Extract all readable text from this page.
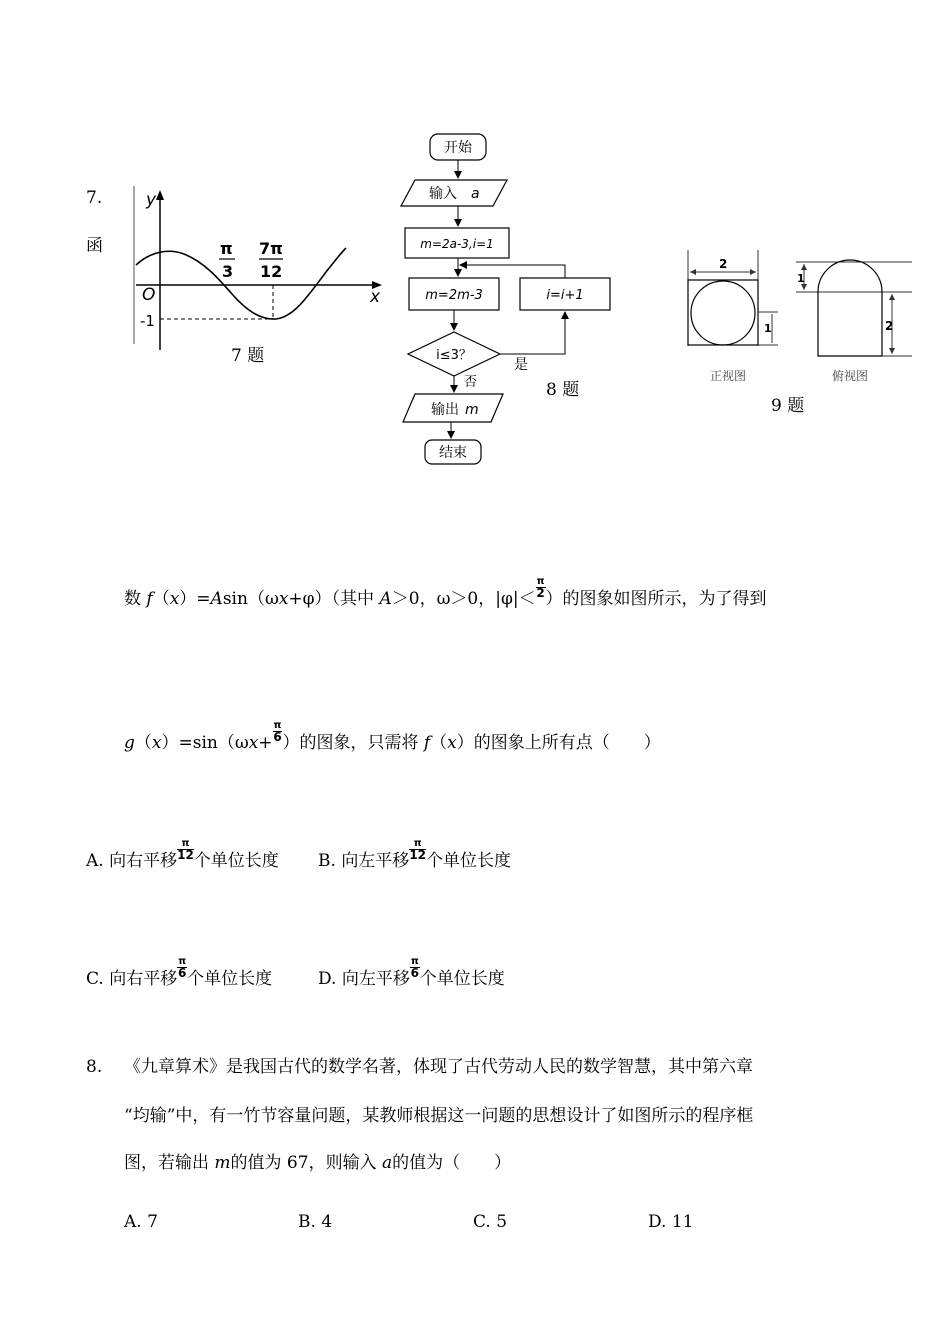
7.
函
y
x
O
-1
π
3
7π
12
7 题
开始
输入 a
m=2a-3,i=1
m=2m-3	i=i+1
i≤3？
是
否
输出 m
结束
8 题
2
1
正视图
1
2
俯视图
9 题
数 f（x）=Asin（ωx+φ）（其中 A＞0，ω＞0，$|\varphi|< \frac{\pi}{2}$ ）的图象如图所示，为了得到
$g(x)=\sin(\omega x+ \frac{\pi}{6}$ ）的图象，只需将 f（x）的图象上所有点（　　）
A. 向右平移 $\frac{\pi}{12}$ 个单位长度 B. 向左平移 $\frac{\pi}{12}$ 个单位长度
C. 向右平移 $\frac{\pi}{6}$ 个单位长度	D. 向左平移 $\frac{\pi}{6}$ 个单位长度
8. 《九章算术》是我国古代的数学名著，体现了古代劳动人民的数学智慧，其中第六章
“均输”中，有一竹节容量问题，某教师根据这一问题的思想设计了如图所示的程序框
图，若输出 m的值为 67，则输入 a的值为（　　）
A. 7	B. 4	C. 5	D. 11
